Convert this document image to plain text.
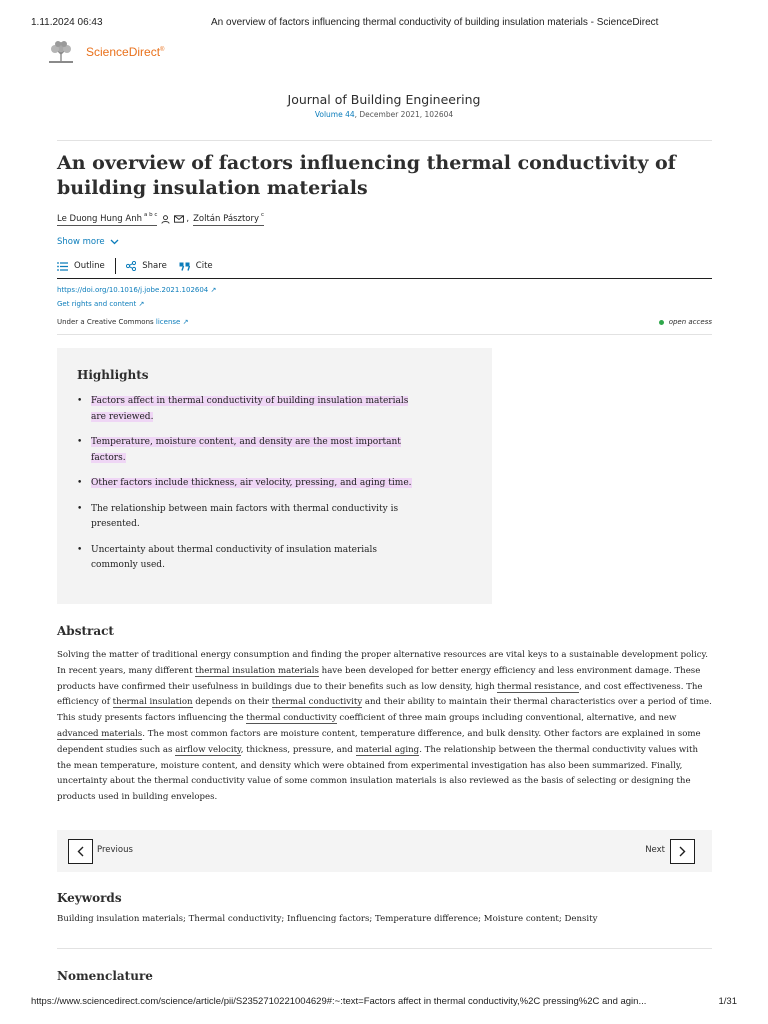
1.11.2024 06:43	An overview of factors influencing thermal conductivity of building insulation materials - ScienceDirect
ScienceDirect®
Journal of Building Engineering
Volume 44, December 2021, 102604
An overview of factors influencing thermal conductivity of building insulation materials
Le Duong Hung Anh $^{a b c}$	, Zoltán Pásztory $^c$
Show more
Outline	Share	Cite
https://doi.org/10.1016/j.jobe.2021.102604 ↗
Get rights and content ↗
Under a Creative Commons license ↗	open access
Highlights
• Factors affect in thermal conductivity of building insulation materials are reviewed.
• Temperature, moisture content, and density are the most important factors.
• Other factors include thickness, air velocity, pressing, and aging time.
• The relationship between main factors with thermal conductivity is presented.
• Uncertainty about thermal conductivity of insulation materials commonly used.
Abstract

Solving the matter of traditional energy consumption and finding the proper alternative resources are vital keys to a sustainable development policy. In recent years, many different thermal insulation materials have been developed for better energy efficiency and less environment damage. These products have confirmed their usefulness in buildings due to their benefits such as low density, high thermal resistance, and cost effectiveness. The efficiency of thermal insulation depends on their thermal conductivity and their ability to maintain their thermal characteristics over a period of time. This study presents factors influencing the thermal conductivity coefficient of three main groups including conventional, alternative, and new advanced materials. The most common factors are moisture content, temperature difference, and bulk density. Other factors are explained in some dependent studies such as airflow velocity, thickness, pressure, and material aging. The relationship between the thermal conductivity values with the mean temperature, moisture content, and density which were obtained from experimental investigation has also been summarized. Finally, uncertainty about the thermal conductivity value of some common insulation materials is also reviewed as the basis of selecting or designing the products used in building envelopes.

Previous	Next
Keywords
Building insulation materials; Thermal conductivity; Influencing factors; Temperature difference; Moisture content; Density
Nomenclature
https://www.sciencedirect.com/science/article/pii/S2352710221004629#:~:text=Factors affect in thermal conductivity,%2C pressing%2C and agin...	1/31
